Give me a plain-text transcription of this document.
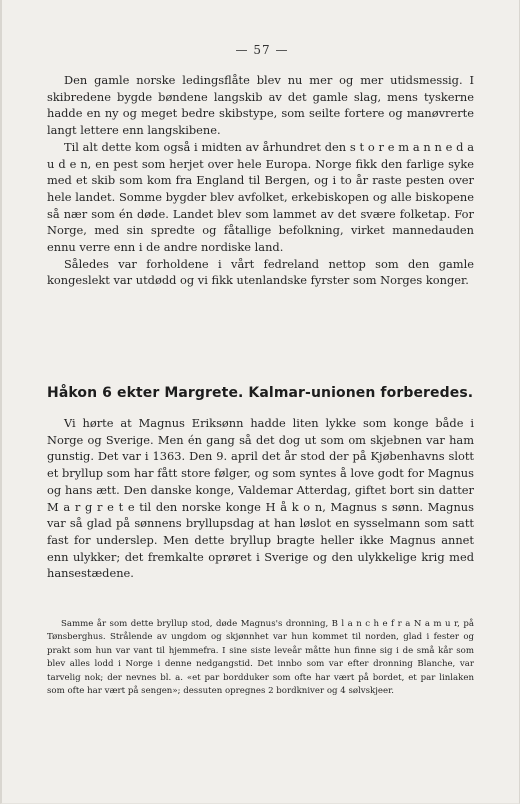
— 57 —

Den gamle norske ledingsflåte blev nu mer og mer utidsmessig. I skibredene bygde bøndene langskib av det gamle slag, mens tyskerne hadde en ny og meget bedre skibstype, som seilte fortere og manøvrerte langt lettere enn langskibene.

Til alt dette kom også i midten av århundret den s t o r e m a n n e d a u d e n, en pest som herjet over hele Europa. Norge fikk den farlige syke med et skib som kom fra England til Bergen, og i to år raste pesten over hele landet. Somme bygder blev avfolket, erkebiskopen og alle biskopene så nær som én døde. Landet blev som lammet av det svære folketap. For Norge, med sin spredte og fåtallige befolkning, virket mannedauden ennu verre enn i de andre nordiske land.

Således var forholdene i vårt fedreland nettop som den gamle kongeslekt var utdødd og vi fikk utenlandske fyrster som Norges konger.

Håkon 6 ekter Margrete. Kalmar-unionen forberedes.

Vi hørte at Magnus Eriksønn hadde liten lykke som konge både i Norge og Sverige. Men én gang så det dog ut som om skjebnen var ham gunstig. Det var i 1363. Den 9. april det år stod der på Kjøbenhavns slott et bryllup som har fått store følger, og som syntes å love godt for Magnus og hans ætt. Den danske konge, Valdemar Atterdag, giftet bort sin datter M a r g r e t e til den norske konge H å k o n, Magnus s sønn. Magnus var så glad på sønnens bryllupsdag at han løslot en sysselmann som satt fast for underslep. Men dette bryllup bragte heller ikke Magnus annet enn ulykker; det fremkalte oprøret i Sverige og den ulykkelige krig med hansestædene.

Samme år som dette bryllup stod, døde Magnus's dronning, B l a n c h e f r a N a m u r, på Tønsberghus. Strålende av ungdom og skjønnhet var hun kommet til norden, glad i fester og prakt som hun var vant til hjemmefra. I sine siste leveår måtte hun finne sig i de små kår som blev alles lodd i Norge i denne nedgangstid. Det innbo som var efter dronning Blanche, var tarvelig nok; der nevnes bl. a. «et par bordduker som ofte har vært på bordet, et par linlaken som ofte har vært på sengen»; dessuten opregnes 2 bordkniver og 4 sølvskjeer.
